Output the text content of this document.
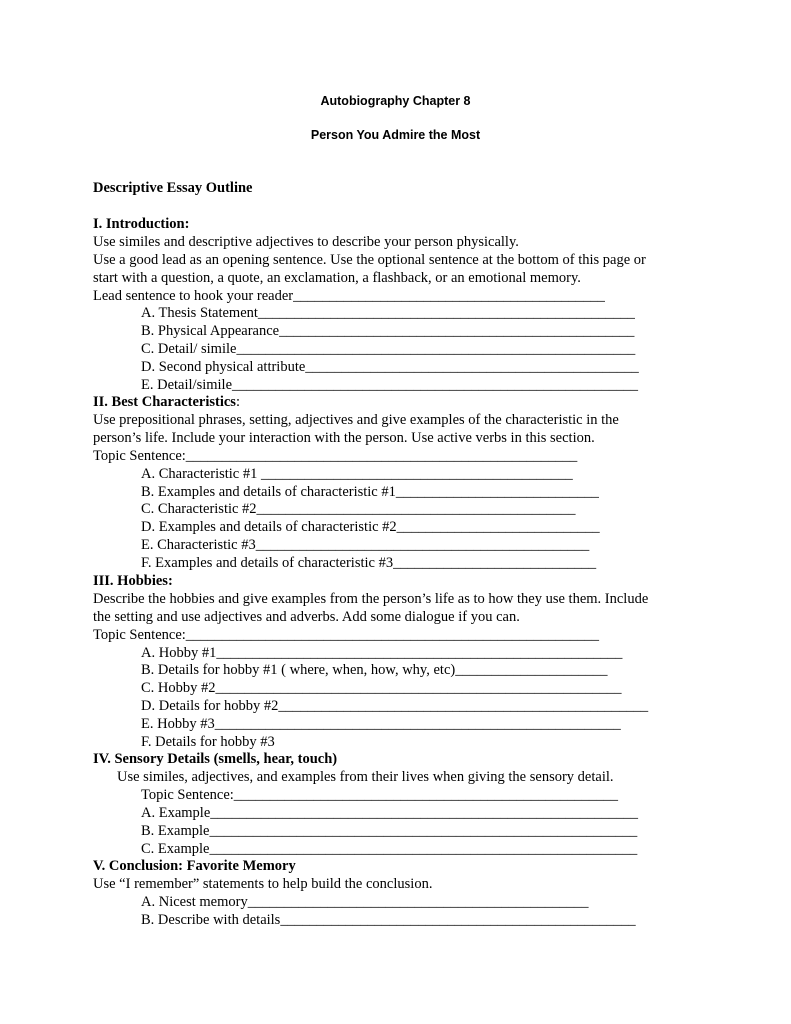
Autobiography Chapter 8
Person You Admire the Most
Descriptive Essay Outline
I. Introduction:
Use similes and descriptive adjectives to describe your person physically.
Use a good lead as an opening sentence. Use the optional sentence at the bottom of this page or
start with a question, a quote, an exclamation, a flashback, or an emotional memory.
Lead sentence to hook your reader___________________________________________
A. Thesis Statement____________________________________________________
B. Physical Appearance_________________________________________________
C. Detail/ simile_______________________________________________________
D. Second physical attribute______________________________________________
E. Detail/simile________________________________________________________
II. Best Characteristics:
Use prepositional phrases, setting, adjectives and give examples of the characteristic in the
person’s life. Include your interaction with the person. Use active verbs in this section.
Topic Sentence:______________________________________________________
A. Characteristic #1 ___________________________________________
B. Examples and details of characteristic #1____________________________
C. Characteristic #2____________________________________________
D. Examples and details of characteristic #2____________________________
E. Characteristic #3______________________________________________
F. Examples and details of characteristic #3____________________________
III. Hobbies:
Describe the hobbies and give examples from the person’s life as to how they use them. Include
the setting and use adjectives and adverbs. Add some dialogue if you can.
Topic Sentence:_________________________________________________________
A. Hobby #1________________________________________________________
B. Details for hobby #1 ( where, when, how, why, etc)_____________________
C. Hobby #2________________________________________________________
D. Details for hobby #2___________________________________________________
E. Hobby #3________________________________________________________
F. Details for hobby #3
IV. Sensory Details (smells, hear, touch)
Use similes, adjectives, and examples from their lives when giving the sensory detail.
Topic Sentence:_____________________________________________________
A. Example___________________________________________________________
B. Example___________________________________________________________
C. Example___________________________________________________________
V. Conclusion: Favorite Memory
Use “I remember” statements to help build the conclusion.
A. Nicest memory_______________________________________________
B. Describe with details_________________________________________________
